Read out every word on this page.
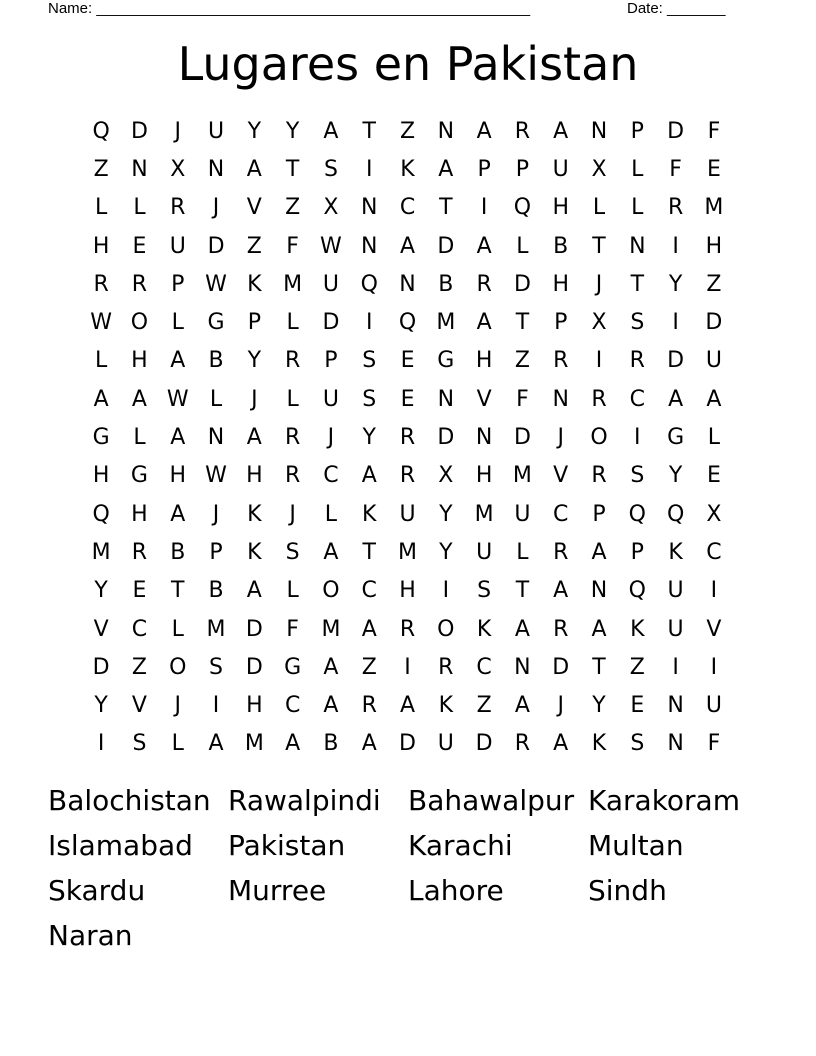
Name: ____________________________________________________	Date: _______
Lugares en Pakistan
Q D	J	U	Y	Y	A	T	Z	N	A	R	A	N	P	D	F
Z	N	X	N	A	T	S	I	K	A	P	P	U	X	L	F	E
L	L	R	J	V	Z	X	N	C	T	I	Q H	L	L	R M
H	E	U D	Z	F W N	A	D	A	L	B	T	N	I	H
R	R	P W K M U Q N	B	R	D H	J	T	Y	Z
W O	L	G	P	L	D	I	Q M A	T	P	X	S	I	D
L	H	A	B	Y	R	P	S	E	G H	Z	R	I	R	D U
A	A W L	J	L	U	S	E	N	V	F	N	R	C	A	A
G	L	A	N	A	R	J	Y	R	D N D	J	O	I	G	L
H G H W H	R	C	A	R	X	H M V	R	S	Y	E
Q H	A	J	K	J	L	K	U	Y	M U	C	P	Q Q	X
M R	B	P	K	S	A	T	M	Y	U	L	R	A	P	K	C
Y	E	T	B	A	L	O C	H	I	S	T	A	N Q U	I
V	C	L	M D	F	M A	R O	K	A	R	A	K	U	V
D	Z	O	S	D G	A	Z	I	R	C	N D	T	Z	I	I
Y	V	J	I	H	C	A	R	A	K	Z	A	J	Y	E	N	U
I	S	L	A M A	B	A	D U D	R	A	K	S	N	F
Balochistan Rawalpindi Bahawalpur Karakoram
Islamabad	Pakistan	Karachi	Multan
Skardu	Murree	Lahore	Sindh
Naran
